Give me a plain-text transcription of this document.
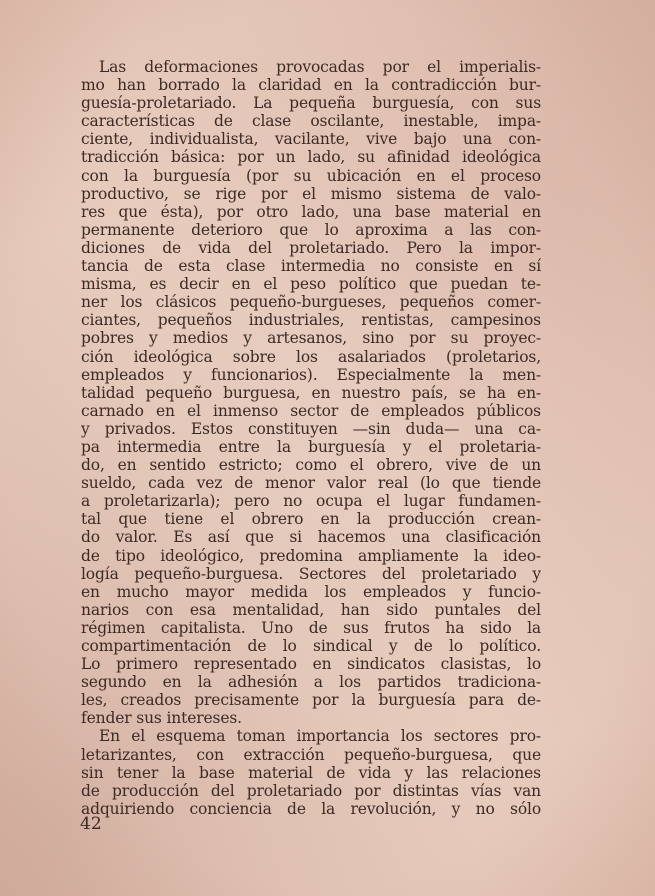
Las deformaciones provocadas por el imperialis-
mo han borrado la claridad en la contradicción bur-
guesía-proletariado. La pequeña burguesía, con sus
características de clase oscilante, inestable, impa-
ciente, individualista, vacilante, vive bajo una con-
tradicción básica: por un lado, su afinidad ideológica
con la burguesía (por su ubicación en el proceso
productivo, se rige por el mismo sistema de valo-
res que ésta), por otro lado, una base material en
permanente deterioro que lo aproxima a las con-
diciones de vida del proletariado. Pero la impor-
tancia de esta clase intermedia no consiste en sí
misma, es decir en el peso político que puedan te-
ner los clásicos pequeño-burgueses, pequeños comer-
ciantes, pequeños industriales, rentistas, campesinos
pobres y medios y artesanos, sino por su proyec-
ción ideológica sobre los asalariados (proletarios,
empleados y funcionarios). Especialmente la men-
talidad pequeño burguesa, en nuestro país, se ha en-
carnado en el inmenso sector de empleados públicos
y privados. Estos constituyen —sin duda— una ca-
pa intermedia entre la burguesía y el proletaria-
do, en sentido estricto; como el obrero, vive de un
sueldo, cada vez de menor valor real (lo que tiende
a proletarizarla); pero no ocupa el lugar fundamen-
tal que tiene el obrero en la producción crean-
do valor. Es así que si hacemos una clasificación
de tipo ideológico, predomina ampliamente la ideo-
logía pequeño-burguesa. Sectores del proletariado y
en mucho mayor medida los empleados y funcio-
narios con esa mentalidad, han sido puntales del
régimen capitalista. Uno de sus frutos ha sido la
compartimentación de lo sindical y de lo político.
Lo primero representado en sindicatos clasistas, lo
segundo en la adhesión a los partidos tradiciona-
les, creados precisamente por la burguesía para de-
fender sus intereses.
En el esquema toman importancia los sectores pro-
letarizantes, con extracción pequeño-burguesa, que
sin tener la base material de vida y las relaciones
de producción del proletariado por distintas vías van
adquiriendo conciencia de la revolución, y no sólo
42
